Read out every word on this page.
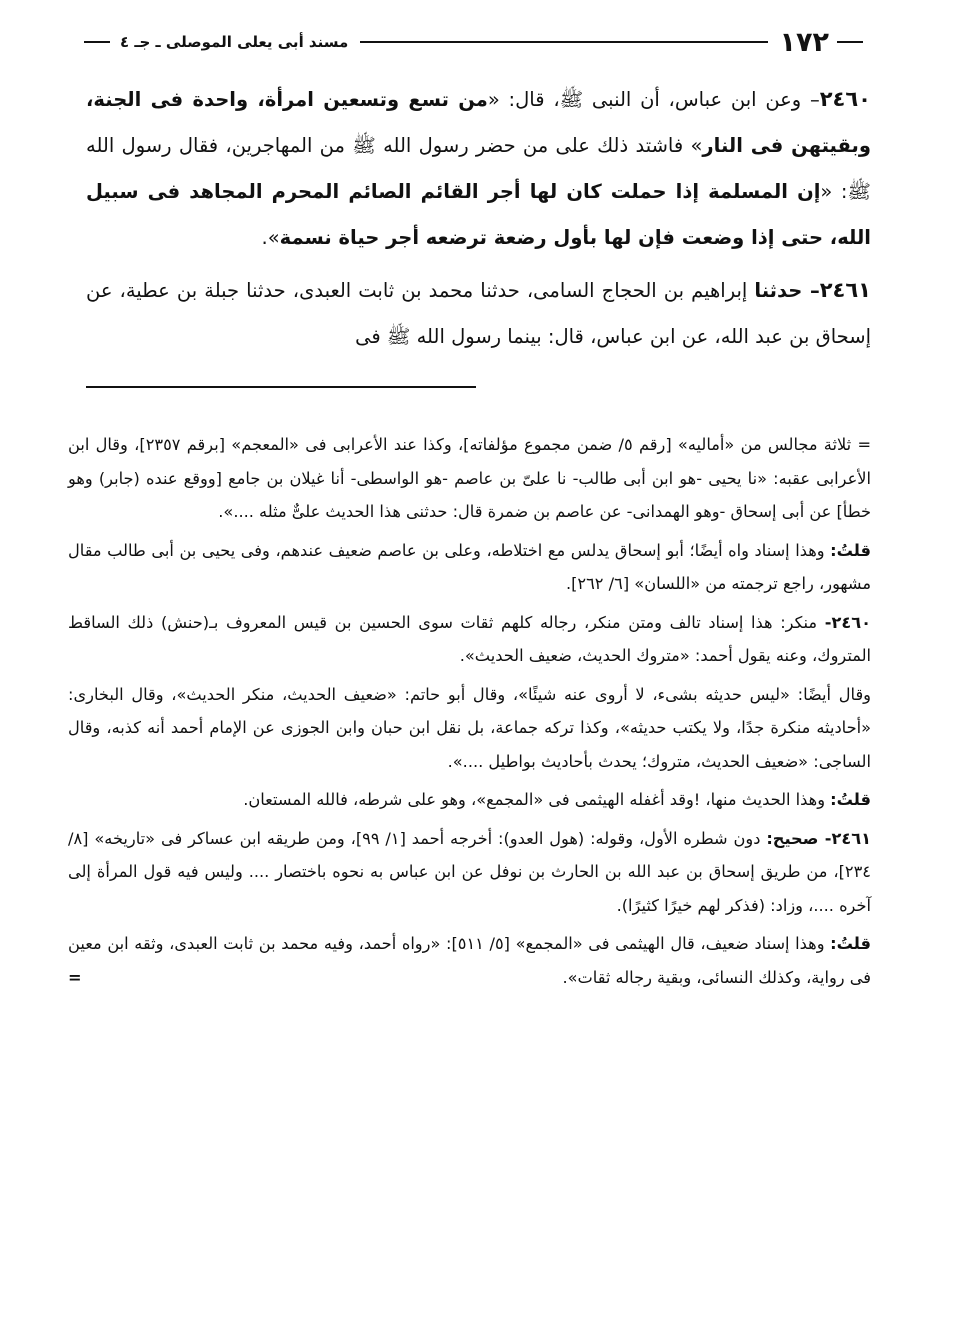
١٧٢
مسند أبى يعلى الموصلى ـ جـ ٤

٢٤٦٠– وعن ابن عباس، أن النبى ﷺ، قال: «من تسع وتسعين امرأة، واحدة فى الجنة، وبقيتهن فى النار» فاشتد ذلك على من حضر رسول الله ﷺ من المهاجرين، فقال رسول الله ﷺ: «إن المسلمة إذا حملت كان لها أجر القائم الصائم المحرم المجاهد فى سبيل الله، حتى إذا وضعت فإن لها بأول رضعة ترضعه أجر حياة نسمة».

٢٤٦١– حدثنا إبراهيم بن الحجاج السامى، حدثنا محمد بن ثابت العبدى، حدثنا جبلة بن عطية، عن إسحاق بن عبد الله، عن ابن عباس، قال: بينما رسول الله ﷺ فى

= ثلاثة مجالس من «أماليه» [رقم ٥/ ضمن مجموع مؤلفاته]، وكذا عند الأعرابى فى «المعجم» [برقم ٢٣٥٧]، وقال ابن الأعرابى عقبه: «نا يحيى -هو ابن أبى طالب- نا علىّ بن عاصم -هو الواسطى- أنا غيلان بن جامع [ووقع عنده (جابر) وهو خطأ] عن أبى إسحاق -وهو الهمدانى- عن عاصم بن ضمرة قال: حدثنى هذا الحديث علىٌّ مثله ....».

قلتُ: وهذا إسناد واه أيضًا؛ أبو إسحاق يدلس مع اختلاطه، وعلى بن عاصم ضعيف عندهم، وفى يحيى بن أبى طالب مقال مشهور، راجع ترجمته من «اللسان» [٦/ ٢٦٢].

٢٤٦٠- منكر: هذا إسناد تالف ومتن منكر، رجاله كلهم ثقات سوى الحسين بن قيس المعروف بـ(حنش) ذلك الساقط المتروك، وعنه يقول أحمد: «متروك الحديث، ضعيف الحديث».

وقال أيضًا: «ليس حديثه بشىء، لا أروى عنه شيئًا»، وقال أبو حاتم: «ضعيف الحديث، منكر الحديث»، وقال البخارى: «أحاديثه منكرة جدًا، ولا يكتب حديثه»، وكذا تركه جماعة، بل نقل ابن حبان وابن الجوزى عن الإمام أحمد أنه كذبه، وقال الساجى: «ضعيف الحديث، متروك؛ يحدث بأحاديث بواطيل ....».

قلتُ: وهذا الحديث منها، !وقد أغفله الهيثمى فى «المجمع»، وهو على شرطه، فالله المستعان.

٢٤٦١- صحيح: دون شطره الأول، وقوله: (هول العدو): أخرجه أحمد [١/ ٩٩]، ومن طريقه ابن عساكر فى «تاريخه» [٨/ ٢٣٤]، من طريق إسحاق بن عبد الله بن الحارث بن نوفل عن ابن عباس به نحوه باختصار .... وليس فيه قول المرأة إلى آخره ....، وزاد: (فذكر لهم خيرًا كثيرًا).

قلتُ: وهذا إسناد ضعيف، قال الهيثمى فى «المجمع» [٥/ ٥١١]: «رواه أحمد، وفيه محمد بن ثابت العبدى، وثقه ابن معين فى رواية، وكذلك النسائى، وبقية رجاله ثقات».
=
